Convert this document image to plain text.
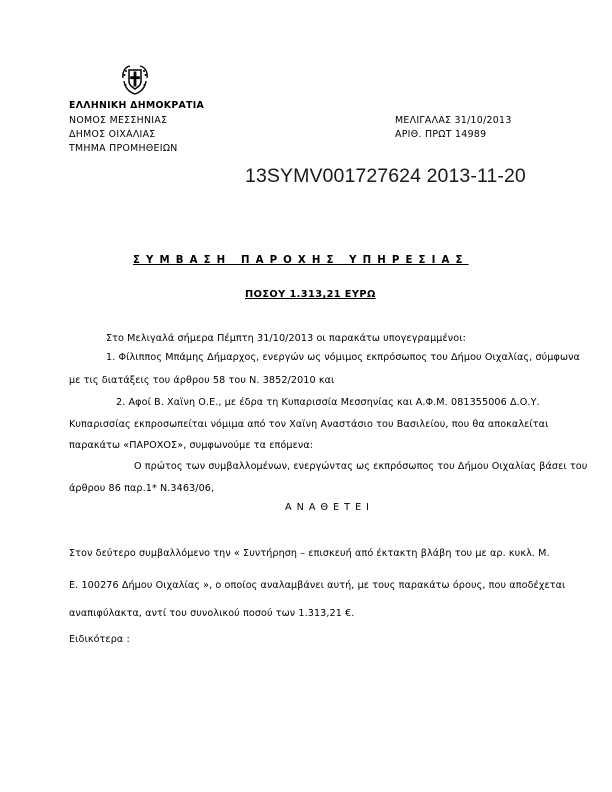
ΕΛΛΗΝΙΚΗ ΔΗΜΟΚΡΑΤΙΑ
ΝΟΜΟΣ ΜΕΣΣΗΝΙΑΣ
ΔΗΜΟΣ ΟΙΧΑΛΙΑΣ
ΤΜΗΜΑ ΠΡΟΜΗΘΕΙΩΝ
ΜΕΛΙΓΑΛΑΣ 31/10/2013
ΑΡΙΘ. ΠΡΩΤ 14989
13SYMV001727624 2013-11-20
ΣΥΜΒΑΣΗ ΠΑΡΟΧΗΣ ΥΠΗΡΕΣΙΑΣ
ΠΟΣΟΥ 1.313,21 ΕΥΡΩ
Στο Μελιγαλά σήμερα Πέμπτη 31/10/2013 οι παρακάτω υπογεγραμμένοι:
1. Φίλιππος Μπάμης Δήμαρχος, ενεργών ως νόμιμος εκπρόσωπος του Δήμου Οιχαλίας, σύμφωνα
με τις διατάξεις του άρθρου 58 του Ν. 3852/2010 και
2. Αφοί Β. Χαϊνη Ο.Ε., με έδρα τη Κυπαρισσία Μεσσηνίας και Α.Φ.Μ. 081355006 Δ.Ο.Υ.
Κυπαρισσίας εκπροσωπείται νόμιμα από τον Χαϊνη Αναστάσιο του Βασιλείου, που θα αποκαλείται
παρακάτω «ΠΑΡΟΧΟΣ», συμφωνούμε τα επόμενα:
Ο πρώτος των συμβαλλομένων, ενεργώντας ως εκπρόσωπος του Δήμου Οιχαλίας βάσει του
άρθρου 86 παρ.1* Ν.3463/06,
Α Ν Α Θ Ε Τ Ε Ι
Στον δεύτερο συμβαλλόμενο την « Συντήρηση – επισκευή από έκτακτη βλάβη του με αρ. κυκλ. Μ.
Ε. 100276 Δήμου Οιχαλίας », ο οποίος αναλαμβάνει αυτή, με τους παρακάτω όρους, που αποδέχεται
αναπιφύλακτα, αντί του συνολικού ποσού των 1.313,21 €.
Ειδικότερα :
